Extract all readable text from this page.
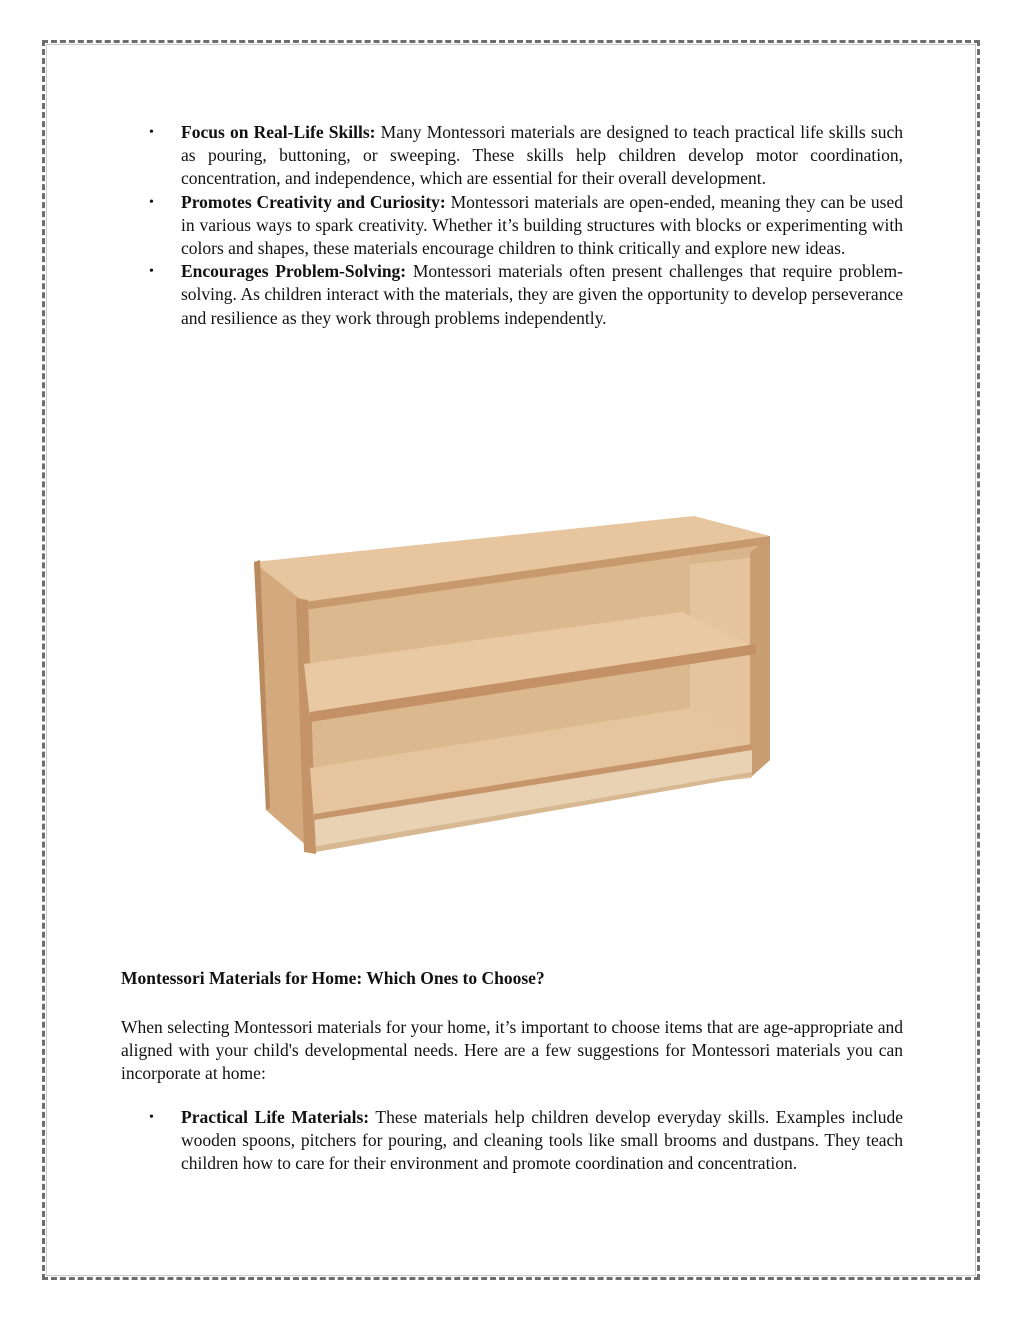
• Focus on Real-Life Skills: Many Montessori materials are designed to teach practical life skills such as pouring, buttoning, or sweeping. These skills help children develop motor coordination, concentration, and independence, which are essential for their overall development.
• Promotes Creativity and Curiosity: Montessori materials are open-ended, meaning they can be used in various ways to spark creativity. Whether it’s building structures with blocks or experimenting with colors and shapes, these materials encourage children to think critically and explore new ideas.
• Encourages Problem-Solving: Montessori materials often present challenges that require problem-solving. As children interact with the materials, they are given the opportunity to develop perseverance and resilience as they work through problems independently.
Montessori Materials for Home: Which Ones to Choose?
When selecting Montessori materials for your home, it’s important to choose items that are age-appropriate and aligned with your child's developmental needs. Here are a few suggestions for Montessori materials you can incorporate at home:
• Practical Life Materials: These materials help children develop everyday skills. Examples include wooden spoons, pitchers for pouring, and cleaning tools like small brooms and dustpans. They teach children how to care for their environment and promote coordination and concentration.
